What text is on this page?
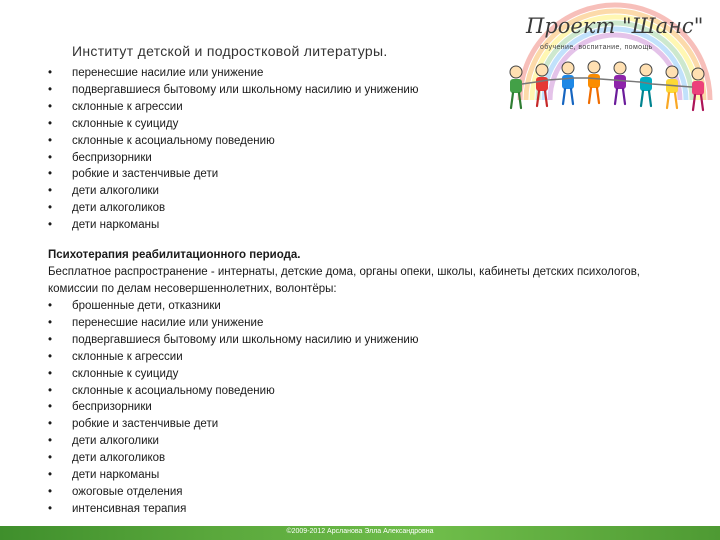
Институт детской и подростковой литературы.
Проект "Шанс"
обучение, воспитание, помощь
• перенесшие насилие или унижение
• подвергавшиеся бытовому или школьному насилию и унижению
• склонные к агрессии
• склонные к суициду
• склонные к асоциальному поведению
• беспризорники
• робкие и застенчивые дети
• дети алкоголики
• дети алкоголиков
• дети наркоманы
Психотерапия реабилитационного периода.
Бесплатное распространение - интернаты, детские дома, органы опеки, школы, кабинеты детских психологов, комиссии по делам несовершеннолетних, волонтёры:
• брошенные дети, отказники
• перенесшие насилие или унижение
• подвергавшиеся бытовому или школьному насилию и унижению
• склонные к агрессии
• склонные к суициду
• склонные к асоциальному поведению
• беспризорники
• робкие и застенчивые дети
• дети алкоголики
• дети алкоголиков
• дети наркоманы
• ожоговые отделения
• интенсивная терапия
©2009-2012 Арсланова Элла Александровна
